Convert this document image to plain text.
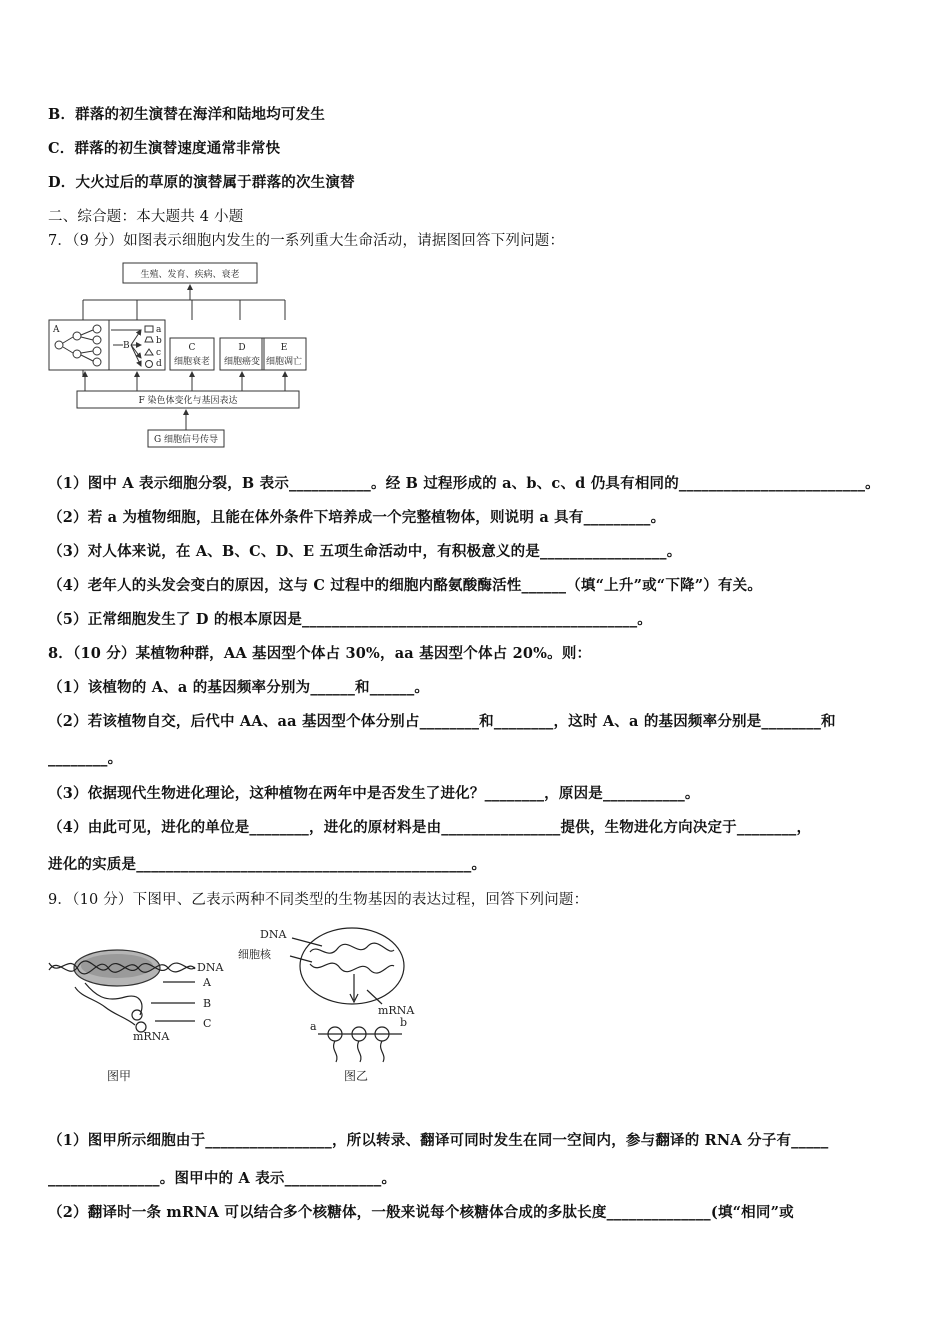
B．群落的初生演替在海洋和陆地均可发生
C．群落的初生演替速度通常非常快
D．大火过后的草原的演替属于群落的次生演替
二、综合题：本大题共 4 小题
7．（9 分）如图表示细胞内发生的一系列重大生命活动，请据图回答下列问题：
生殖、发育、疾病、衰老
A
B
a
b
c
d
C
细胞衰老
D
细胞癌变
E
细胞凋亡
F 染色体变化与基因表达
G 细胞信号传导
（1）图中 A 表示细胞分裂，B 表示___________。经 B 过程形成的 a、b、c、d 仍具有相同的_________________________。
（2）若 a 为植物细胞，且能在体外条件下培养成一个完整植物体，则说明 a 具有_________。
（3）对人体来说，在 A、B、C、D、E 五项生命活动中，有积极意义的是_________________。
（4）老年人的头发会变白的原因，这与 C 过程中的细胞内酪氨酸酶活性______（填“上升”或“下降”）有关。
（5）正常细胞发生了 D 的根本原因是_____________________________________________。
8．（10 分）某植物种群，AA 基因型个体占 30%，aa 基因型个体占 20%。则：
（1）该植物的 A、a 的基因频率分别为______和______。
（2）若该植物自交，后代中 AA、aa 基因型个体分别占________和________，这时 A、a 的基因频率分别是________和
________。
（3）依据现代生物进化理论，这种植物在两年中是否发生了进化？________，原因是___________。
（4）由此可见，进化的单位是________，进化的原材料是由________________提供，生物进化方向决定于________，
进化的实质是_____________________________________________。
9．（10 分）下图甲、乙表示两种不同类型的生物基因的表达过程，回答下列问题：
DNA
A
B
C
mRNA
图甲
DNA
细胞核
mRNA
a	b
图乙
（1）图甲所示细胞由于_________________，所以转录、翻译可同时发生在同一空间内，参与翻译的 RNA 分子有_____
_______________。图甲中的 A 表示_____________。
（2）翻译时一条 mRNA 可以结合多个核糖体，一般来说每个核糖体合成的多肽长度______________(填“相同”或
